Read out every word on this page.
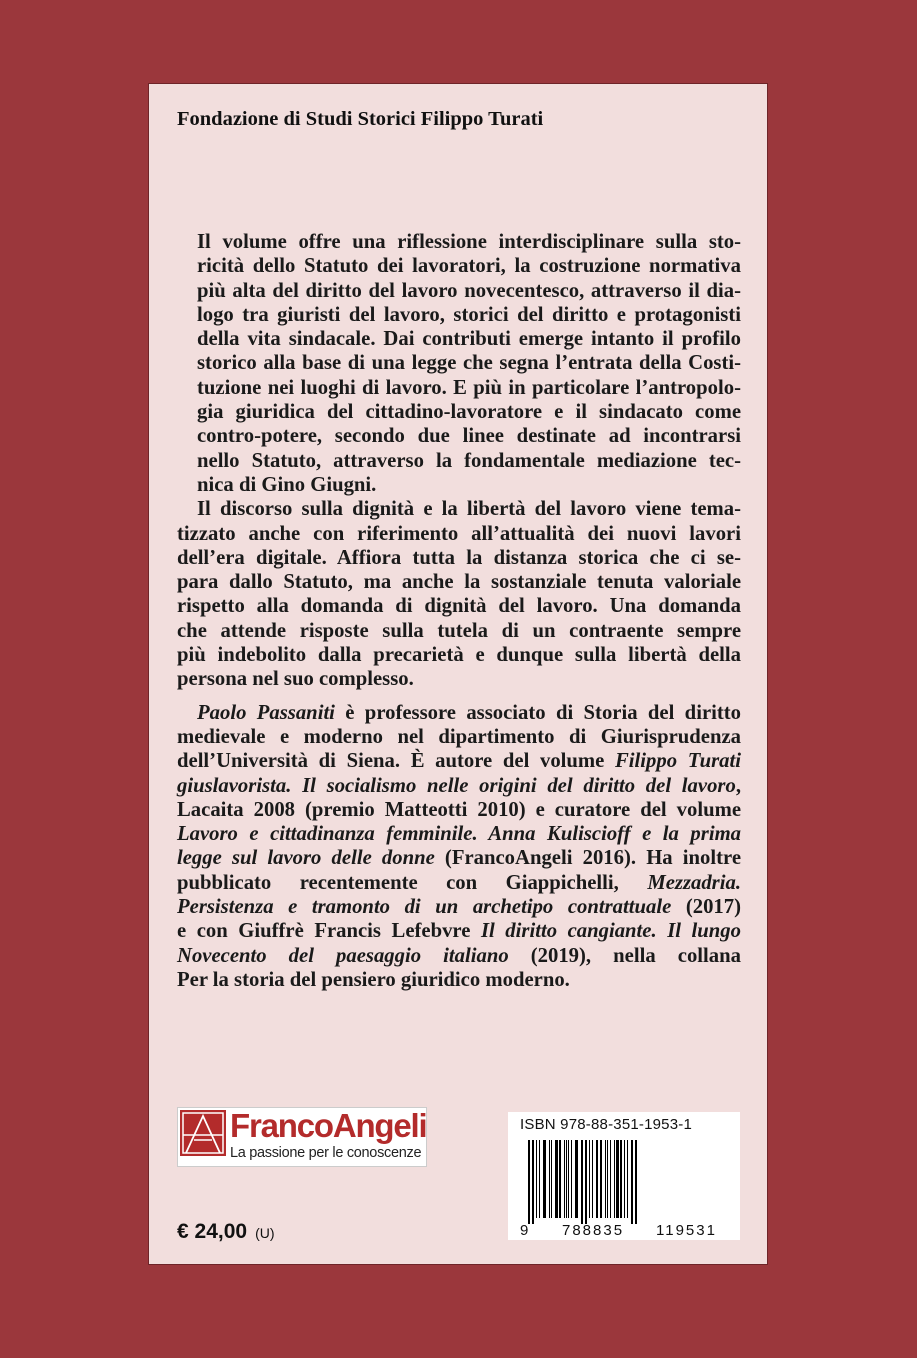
Fondazione di Studi Storici Filippo Turati

Il volume offre una riflessione interdisciplinare sulla sto-
ricità dello Statuto dei lavoratori, la costruzione normativa
più alta del diritto del lavoro novecentesco, attraverso il dia-
logo tra giuristi del lavoro, storici del diritto e protagonisti
della vita sindacale. Dai contributi emerge intanto il profilo
storico alla base di una legge che segna l’entrata della Costi-
tuzione nei luoghi di lavoro. E più in particolare l’antropolo-
gia giuridica del cittadino-lavoratore e il sindacato come
contro-potere, secondo due linee destinate ad incontrarsi
nello Statuto, attraverso la fondamentale mediazione tec-
nica di Gino Giugni.

Il discorso sulla dignità e la libertà del lavoro viene tema-
tizzato anche con riferimento all’attualità dei nuovi lavori
dell’era digitale. Affiora tutta la distanza storica che ci se-
para dallo Statuto, ma anche la sostanziale tenuta valoriale
rispetto alla domanda di dignità del lavoro. Una domanda
che attende risposte sulla tutela di un contraente sempre
più indebolito dalla precarietà e dunque sulla libertà della
persona nel suo complesso.

Paolo Passaniti è professore associato di Storia del diritto
medievale e moderno nel dipartimento di Giurisprudenza
dell’Università di Siena. È autore del volume Filippo Turati
giuslavorista. Il socialismo nelle origini del diritto del lavoro,
Lacaita 2008 (premio Matteotti 2010) e curatore del volume
Lavoro e cittadinanza femminile. Anna Kuliscioff e la prima
legge sul lavoro delle donne (FrancoAngeli 2016). Ha inoltre
pubblicato recentemente con Giappichelli, Mezzadria.
Persistenza e tramonto di un archetipo contrattuale (2017)
e con Giuffrè Francis Lefebvre Il diritto cangiante. Il lungo
Novecento del paesaggio italiano (2019), nella collana
Per la storia del pensiero giuridico moderno.

FrancoAngeli
La passione per le conoscenze
€ 24,00 (U)
ISBN 978-88-351-1953-1
9 788835 119531
